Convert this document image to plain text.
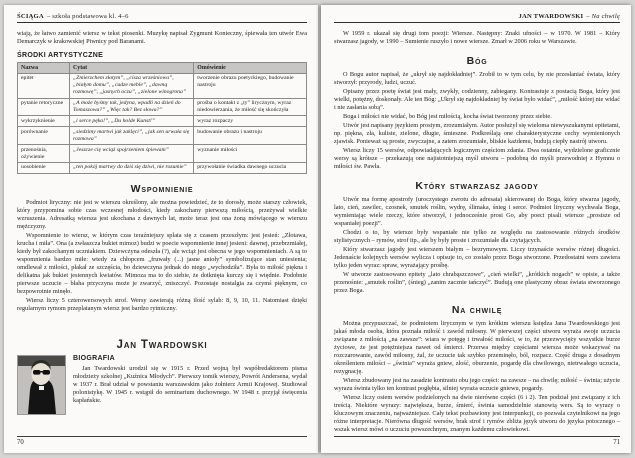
ŚCIĄGA – szkoła podstawowa kl. 4–6

wiają, że łatwo zamienić wiersz w tekst piosenki. Muzykę napisał Zygmunt Konieczny, śpiewała ten utwór Ewa Demarczyk w krakowskiej Piwnicy pod Baranami.

ŚRODKI ARTYSTYCZNE
Nazwa	Cytat	Omówienie
epitet	„Zmierzchem złotym”, „cisza wrześniowa”, „białym domu”, „cudze meble”, „dawną rozmowę”, „jasnych oczu”, „zielone winogrona”	tworzenie obrazu poetyckiego, budowanie nastroju
pytanie retoryczne	„A może byśmy tak, jedyna, wpadli na dzień do Tomaszowa?” „Więc tak? Bez słowa?”	prośba o kontakt z „ty” lirycznym, wyraz niedowierzania, że miłość się skończyła
wykrzyknienie	„i serce pęka!”, „Du holde Kunst!”	wyraz rozpaczy
porównanie	„siedzimy martwi jak zaklęci”, „jak sen urwała się rozmowa”	budowanie obrazu i nastroju
przenośnia, ożywienie	„Jeszcze cię wciąż spojrzeniem śpiewam”	wyznanie miłości
uosobienie	„ten pokój martwy do dziś się dziwi, nie rozumie”	przywołanie świadka dawnego uczucia
Wspomnienie

Podmiot liryczny: nie jest w wierszu określony, ale można powiedzieć, że to dorosły, może starszy człowiek, który przypomina sobie czas wczesnej młodości, kiedy zakochany pierwszą miłością, przeżywał wielkie wzruszenia. Adresatką wiersza jest ukochana z dawnych lat, może teraz jest ona żoną mówiącego w wierszu mężczyzny.

Wspomnienie to wiersz, w którym czas teraźniejszy splata się z czasem przeszłym: jest jesień: „Złotawa, krucha i miła”. Ona (a zwłaszcza bukiet mimoz) budzi w poecie wspomnienie innej jesieni: dawnej, przebrzmiałej, kiedy był zakochanym uczniakiem. Dziewczyna odeszła (?), ale wciąż jest obecna w jego wspomnieniach. A są to wspomnienia bardzo miłe: wtedy za chłopcem „fruwały (...) jasne anioły” symbolizujące stan uniesienia; omdlewał z miłości, płakał ze szczęścia, bo dziewczyna jednak do niego „wychodziła”. Była to miłość piękna i delikatna jak bukiet jesiennych kwiatów. Mimoza ma to do siebie, że dotknięta kurczy się i więdnie. Podobnie pierwsze uczucie – błaha przyczyna może je zwarzyć, zniszczyć. Pozostaje nostalgia za czymś pięknym, co bezpowrotnie minęło.

Wiersz liczy 5 czterowersowych strof. Wersy zawierają różną ilość sylab: 8, 9, 10, 11. Natomiast dzięki regularnym rymom przeplatanym wiersz jest bardzo rytmiczny.

Jan Twardowski
BIOGRAFIA

Jan Twardowski urodził się w 1915 r. Przed wojną był współredaktorem pisma młodzieży szkolnej „Kuźnica Młodych”. Pierwszy tomik wierszy, Powrót Andersena, wydał w 1937 r. Brał udział w powstaniu warszawskim jako żołnierz Armii Krajowej. Studiował polonistykę. W 1945 r. wstąpił do seminarium duchownego. W 1948 r. przyjął święcenia kapłańskie.

70
JAN TWARDOWSKI – Na chwilę

W 1959 r. ukazał się drugi tom poezji: Wiersze. Następny: Znaki ufności – w 1970. W 1981 – Który stwarzasz jagody, w 1990 – Sumienie ruszyło i nowe wiersze. Zmarł w 2006 roku w Warszawie.

Bóg

O Bogu autor napisał, że „ukrył się najdokładniej”. Zrobił to w tym celu, by nie przesłaniać świata, który stworzył: przyrody, ludzi, uczuć.

Opisany przez poetę świat jest mały, zwykły, codzienny, zabiegany. Kontrastuje z postacią Boga, który jest wielki, potężny, doskonały. Ale ten Bóg: „Ukrył się najdokładniej by świat było widać”, „miłość której nie widać i nie zasłania sobą”.

Boga i miłości nie widać, bo Bóg jest miłością, kocha świat tworzony przez siebie.

Utwór jest napisany językiem prostym, zrozumiałym. Autor posłużył się wieloma niewyszukanymi epitetami, np. piękna, zła, kuliste, zielone, długie, śmieszne. Podkreślają one charakterystyczne cechy wymienionych zjawisk. Ponieważ są proste, zwyczajne, a zatem zrozumiałe, bliskie każdemu, budują ciepły nastrój utworu.

Wiersz liczy 15 wersów, odpowiadających logicznym częściom zdania. Dwa ostatnie, wydzielone graficznie wersy są krótsze – przekazują one najistotniejszą myśl utworu – podobną do myśli przewodniej z Hymnu o miłości św. Pawła.

Który stwarzasz jagody

Utwór ma formę apostrofy (uroczystego zwrotu do adresata) skierowanej do Boga, który stwarza jagody, lato, cień, zawilec, czosnek, smutek roślin, wydrę, ślimaka, śnieg i serce. Podmiot liryczny wychwala Boga, wymieniając wiele rzeczy, które stworzył, i jednocześnie prosi Go, aby poeci pisali wiersze „prostsze od wspaniałej poezji”.

Chodzi o to, by wiersze były wspaniałe nie tylko ze względu na zastosowanie różnych środków stylistycznych – rymów, strof itp., ale by były proste i zrozumiałe dla czytających.

Który stwarzasz jagody jest wierszem białym – bezrymowym. Liczy trzynaście wersów różnej długości. Jedenaście kolejnych wersów wylicza i opisuje to, co zostało przez Boga stworzone. Przedostatni wers zawiera tylko jeden wyraz: spraw, wyrażający prośbę.

W utworze zastosowano epitety „lato chrabąszczowe”, „cień wielki”, „krótkich nogach” w opisie, a także przenośnie: „smutek roślin”, (śnieg) „zanim zacznie tańczyć”. Budują one plastyczny obraz świata stworzonego przez Boga.

Na chwilę

Można przypuszczać, że podmiotem lirycznym w tym krótkim wierszu księdza Jana Twardowskiego jest jakaś młoda osoba, która poznała miłość i zawód miłosny. W pierwszej części utworu wyraża swoje uczucia związane z miłością „na zawsze”: wiara w potęgę i trwałość miłości, w to, że przezwycięży wszystkie burze życiowe, że jest potężniejsza nawet od śmierci. Przerwa między częściami wiersza może wskazywać na rozczarowanie, zawód miłosny, żal, że uczucie tak szybko przeminęło, ból, rozpacz. Część druga z dosadnym określeniem miłości – „świnia” wyraża gniew, złość, oburzenie, pogardę dla chwilowego, nietrwałego uczucia, rezygnację.

Wiersz zbudowany jest na zasadzie kontrastu obu jego części: na zawsze – na chwilę; miłość – świnia; użycie wyrazu świnia tylko ten kontrast pogłębia, silniej wyraża uczucie gniewu, pogardy.

Wiersz liczy osiem wersów podzielonych na dwie nierówne części (6 i 2). Ten podział jest związany z ich treścią. Niektóre wyrazy: największa, burze, śmierć, świnia samodzielnie stanowią wers. Są to wyrazy o kluczowym znaczeniu, najważniejsze. Cały tekst pozbawiony jest interpunkcji, co pozwala czytelnikowi na jego różne interpretacje. Nierówna długość wersów, brak strof i rymów zbliża język utworu do języka potocznego – wszak wiersz mówi o uczuciu powszechnym, znanym każdemu człowiekowi.

71
